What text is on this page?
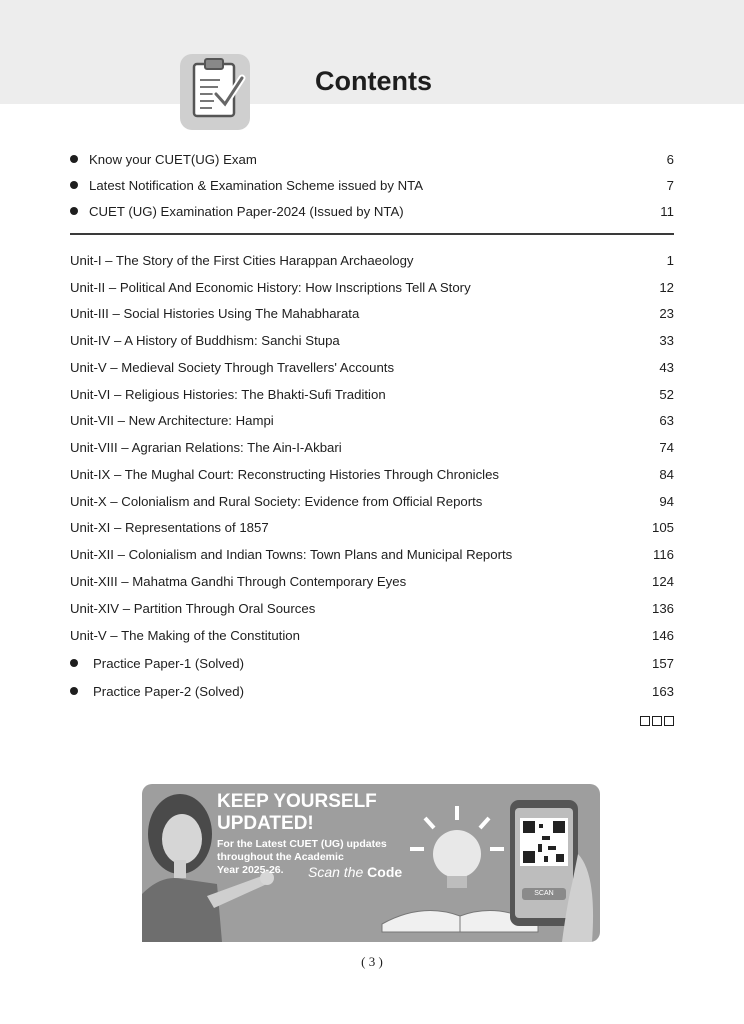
Contents
Know your CUET(UG) Exam	6
Latest Notification & Examination Scheme issued by NTA	7
CUET (UG) Examination Paper-2024 (Issued by NTA)	11
Unit-I – The Story of the First Cities Harappan Archaeology	1
Unit-II – Political And Economic History: How Inscriptions Tell A Story	12
Unit-III – Social Histories Using The Mahabharata	23
Unit-IV – A History of Buddhism: Sanchi Stupa	33
Unit-V – Medieval Society Through Travellers' Accounts	43
Unit-VI – Religious Histories: The Bhakti-Sufi Tradition	52
Unit-VII – New Architecture: Hampi	63
Unit-VIII – Agrarian Relations: The Ain-I-Akbari	74
Unit-IX – The Mughal Court: Reconstructing Histories Through Chronicles	84
Unit-X – Colonialism and Rural Society: Evidence from Official Reports	94
Unit-XI – Representations of 1857	105
Unit-XII – Colonialism and Indian Towns: Town Plans and Municipal Reports	116
Unit-XIII – Mahatma Gandhi Through Contemporary Eyes	124
Unit-XIV – Partition Through Oral Sources	136
Unit-V – The Making of the Constitution	146
Practice Paper-1 (Solved)	157
Practice Paper-2 (Solved)	163
SCAN
KEEP YOURSELF
UPDATED!
For the Latest CUET (UG) updates
throughout the Academic
Year 2025-26.	Scan the Code
( 3 )
